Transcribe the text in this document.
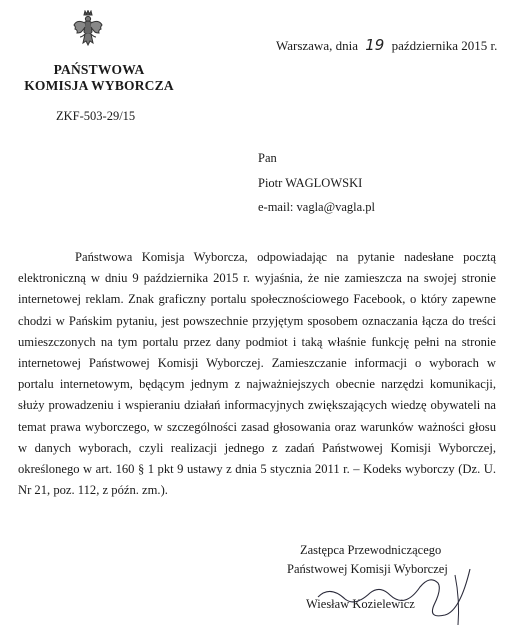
PAŃSTWOWA
KOMISJA WYBORCZA
ZKF-503-29/15
Warszawa, dnia 19 października 2015 r.
Pan
Piotr WAGLOWSKI
e-mail: vagla@vagla.pl
Państwowa Komisja Wyborcza, odpowiadając na pytanie nadesłane pocztą elektroniczną w dniu 9 października 2015 r. wyjaśnia, że nie zamieszcza na swojej stronie internetowej reklam. Znak graficzny portalu społecznościowego Facebook, o który zapewne chodzi w Pańskim pytaniu, jest powszechnie przyjętym sposobem oznaczania łącza do treści umieszczonych na tym portalu przez dany podmiot i taką właśnie funkcję pełni na stronie internetowej Państwowej Komisji Wyborczej. Zamieszczanie informacji o wyborach w portalu internetowym, będącym jednym z najważniejszych obecnie narzędzi komunikacji, służy prowadzeniu i wspieraniu działań informacyjnych zwiększających wiedzę obywateli na temat prawa wyborczego, w szczególności zasad głosowania oraz warunków ważności głosu w danych wyborach, czyli realizacji jednego z zadań Państwowej Komisji Wyborczej, określonego w art. 160 § 1 pkt 9 ustawy z dnia 5 stycznia 2011 r. – Kodeks wyborczy (Dz. U. Nr 21, poz. 112, z późn. zm.).
Zastępca Przewodniczącego
Państwowej Komisji Wyborczej
Wiesław Kozielewicz
